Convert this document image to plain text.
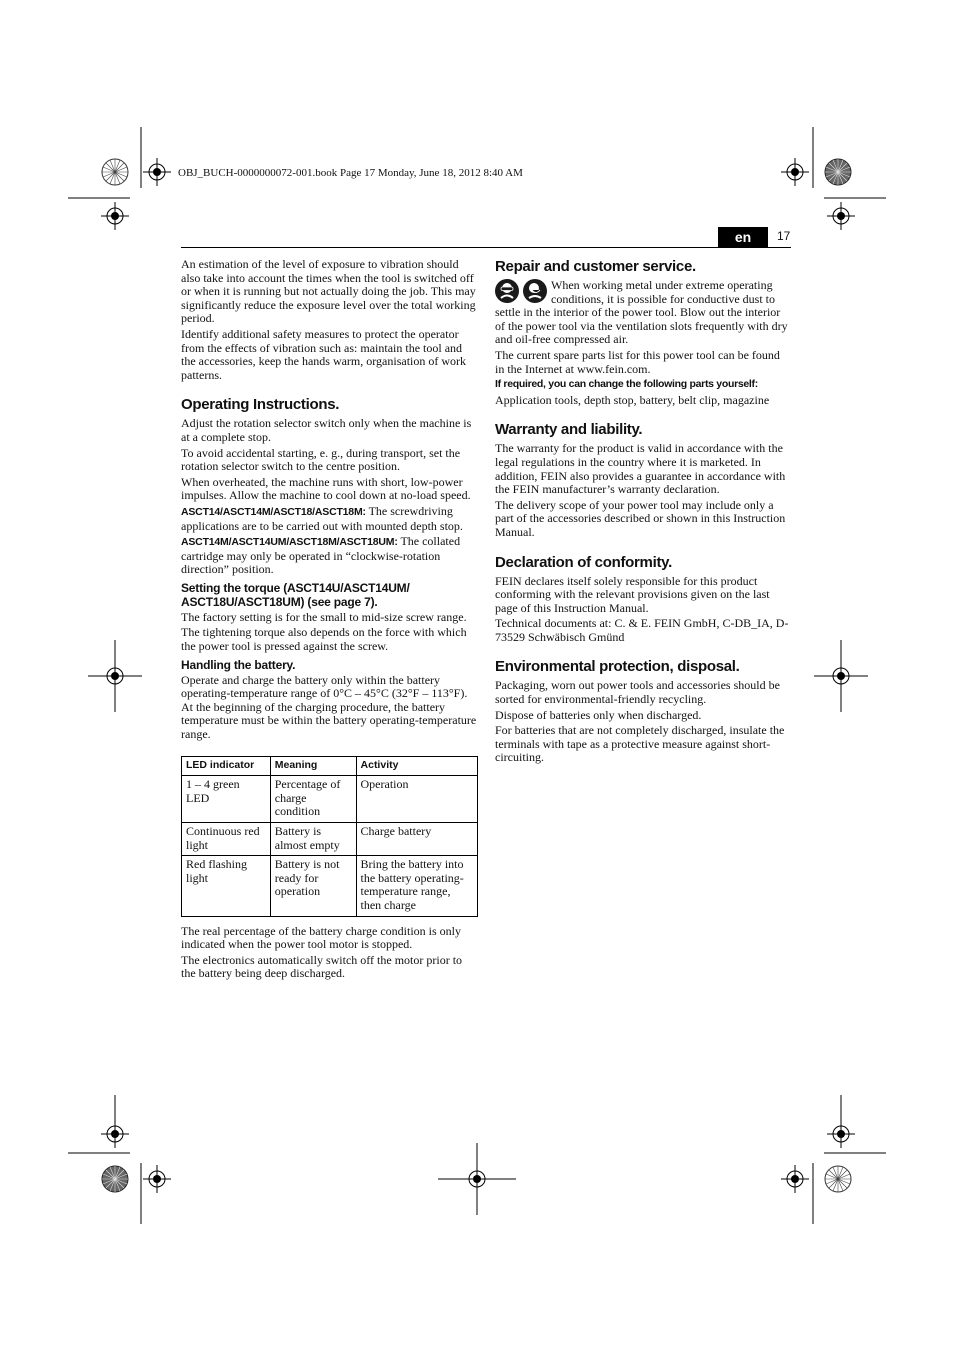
OBJ_BUCH-0000000072-001.book Page 17 Monday, June 18, 2012 8:40 AM
en	17

An estimation of the level of exposure to vibration should also take into account the times when the tool is switched off or when it is running but not actually doing the job. This may significantly reduce the exposure level over the total working period.

Identify additional safety measures to protect the operator from the effects of vibration such as: maintain the tool and the accessories, keep the hands warm, organisation of work patterns.

Operating Instructions.

Adjust the rotation selector switch only when the machine is at a complete stop.

To avoid accidental starting, e. g., during transport, set the rotation selector switch to the centre position.

When overheated, the machine runs with short, low-power impulses. Allow the machine to cool down at no-load speed.

ASCT14/ASCT14M/ASCT18/ASCT18M: The screwdriving applications are to be carried out with mounted depth stop.

ASCT14M/ASCT14UM/ASCT18M/ASCT18UM: The collated cartridge may only be operated in “clockwise-rotation direction” position.

Setting the torque (ASCT14U/ASCT14UM/ ASCT18U/ASCT18UM) (see page 7).

The factory setting is for the small to mid-size screw range.

The tightening torque also depends on the force with which the power tool is pressed against the screw.

Handling the battery.

Operate and charge the battery only within the battery operating-temperature range of 0°C – 45°C (32°F – 113°F). At the beginning of the charging procedure, the battery temperature must be within the battery operating-temperature range.

LED indicator	Meaning	Activity
1 – 4 green LED	Percentage of charge condition	Operation
Continuous red light	Battery is almost empty	Charge battery
Red flashing light	Battery is not ready for operation	Bring the battery into the battery operating-temperature range, then charge

The real percentage of the battery charge condition is only indicated when the power tool motor is stopped.

The electronics automatically switch off the motor prior to the battery being deep discharged.

Repair and customer service.

When working metal under extreme operating conditions, it is possible for conductive dust to settle in the interior of the power tool. Blow out the interior of the power tool via the ventilation slots frequently with dry and oil-free compressed air.

The current spare parts list for this power tool can be found in the Internet at www.fein.com.

If required, you can change the following parts yourself:

Application tools, depth stop, battery, belt clip, magazine

Warranty and liability.

The warranty for the product is valid in accordance with the legal regulations in the country where it is marketed. In addition, FEIN also provides a guarantee in accordance with the FEIN manufacturer’s warranty declaration.

The delivery scope of your power tool may include only a part of the accessories described or shown in this Instruction Manual.

Declaration of conformity.

FEIN declares itself solely responsible for this product conforming with the relevant provisions given on the last page of this Instruction Manual.

Technical documents at: C. & E. FEIN GmbH, C-DB_IA, D-73529 Schwäbisch Gmünd

Environmental protection, disposal.

Packaging, worn out power tools and accessories should be sorted for environmental-friendly recycling.

Dispose of batteries only when discharged.

For batteries that are not completely discharged, insulate the terminals with tape as a protective measure against short-circuiting.
